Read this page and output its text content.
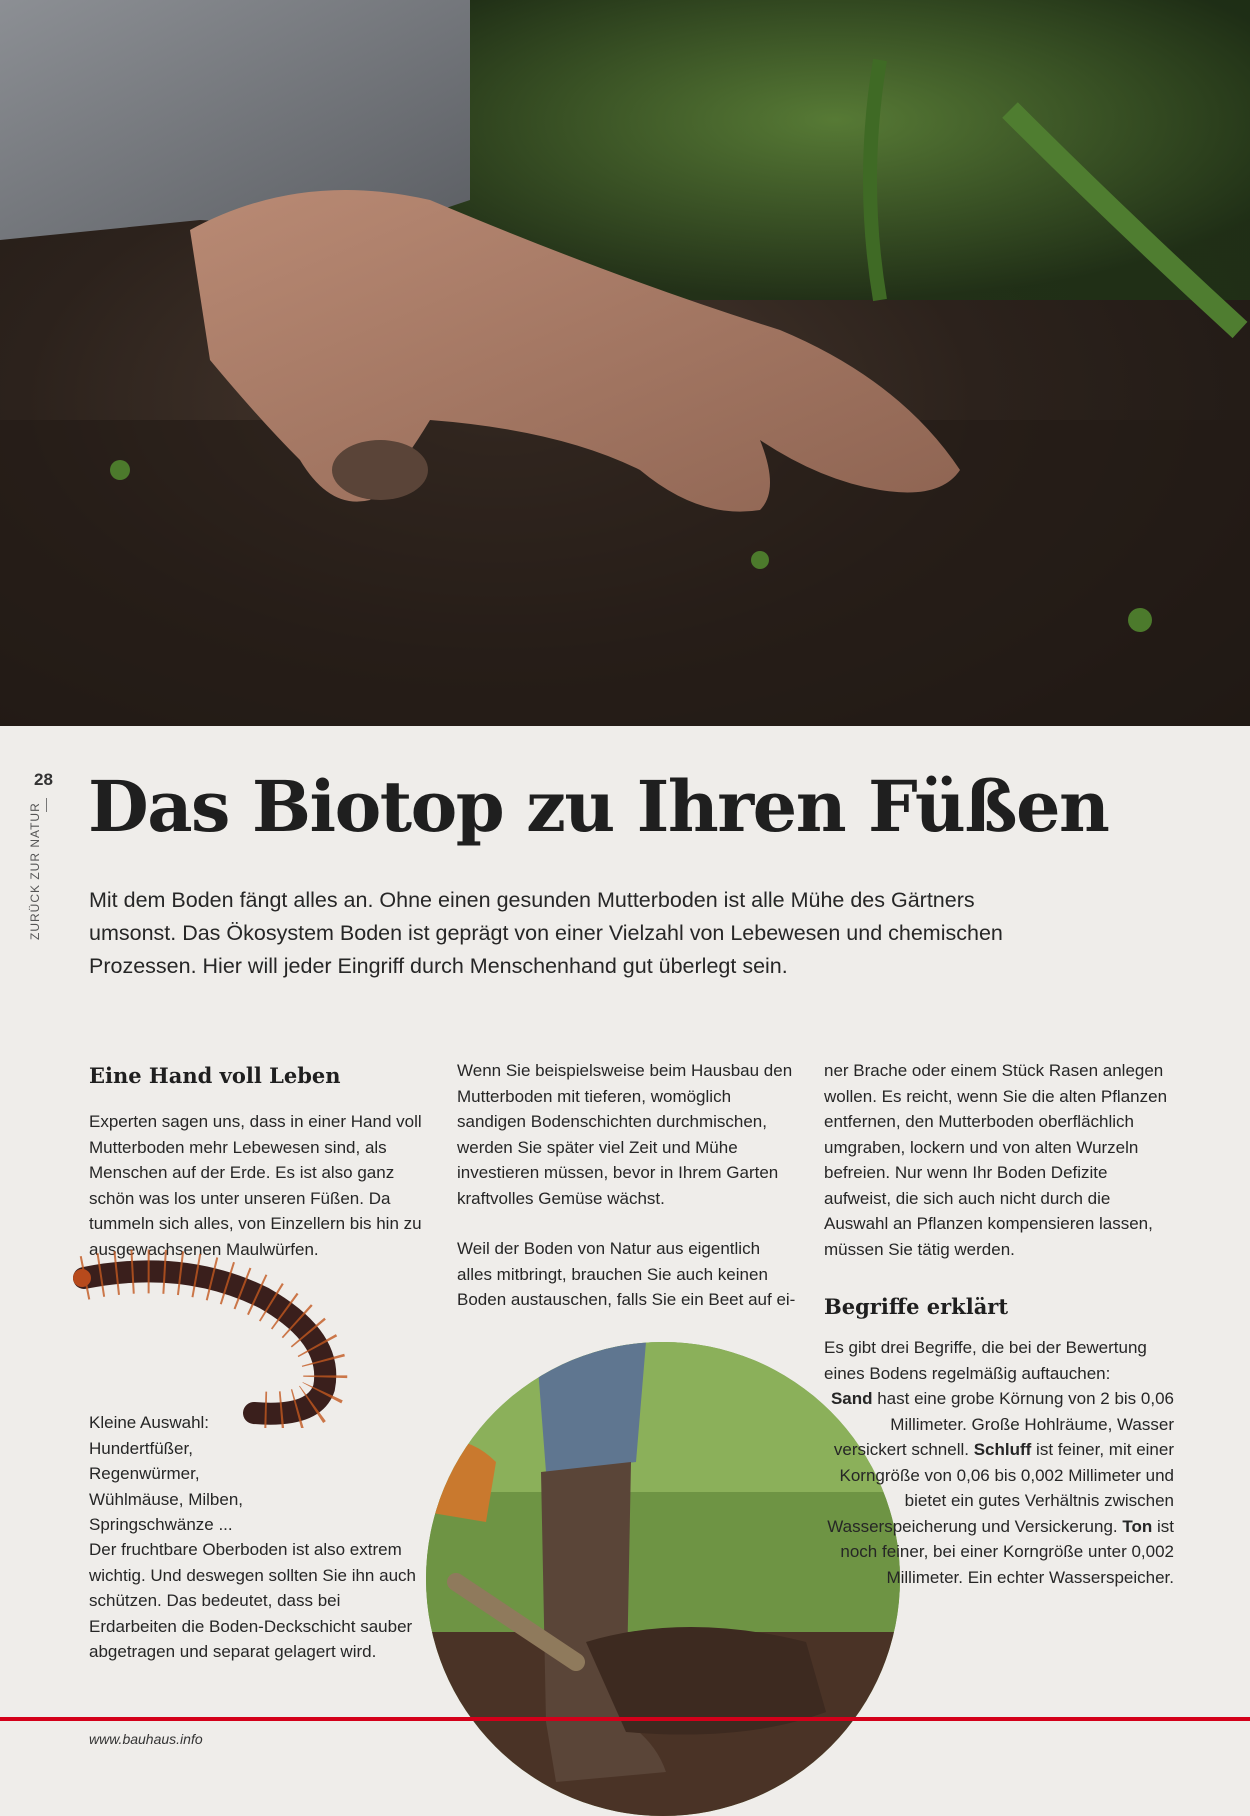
28
ZURÜCK ZUR NATUR Das Biotop zu Ihren Füßen
Mit dem Boden fängt alles an. Ohne einen gesunden Mutterboden ist alle Mühe des Gärtners umsonst. Das Ökosystem Boden ist geprägt von einer Vielzahl von Lebewesen und chemischen Prozessen. Hier will jeder Eingriff durch Menschenhand gut überlegt sein.
Eine Hand voll Leben

Experten sagen uns, dass in einer Hand voll Mutterboden mehr Lebewesen sind, als Menschen auf der Erde. Es ist also ganz schön was los unter unseren Füßen. Da tummeln sich alles, von Einzellern bis hin zu ausgewachsenen Maulwürfen.

Kleine Auswahl: Hundertfüßer, Regenwürmer, Wühlmäuse, Milben, Springschwänze ...

Der fruchtbare Oberboden ist also extrem wichtig. Und deswegen sollten Sie ihn auch schützen. Das bedeutet, dass bei Erdarbeiten die Boden-Deckschicht sauber abgetragen und separat gelagert wird.

Wenn Sie beispielsweise beim Hausbau den Mutterboden mit tieferen, womöglich sandigen Bodenschichten durchmischen, werden Sie später viel Zeit und Mühe investieren müssen, bevor in Ihrem Garten kraftvolles Gemüse wächst.

Weil der Boden von Natur aus eigentlich alles mitbringt, brauchen Sie auch keinen Boden austauschen, falls Sie ein Beet auf ei-

ner Brache oder einem Stück Rasen anlegen wollen. Es reicht, wenn Sie die alten Pflanzen entfernen, den Mutterboden oberflächlich umgraben, lockern und von alten Wurzeln befreien. Nur wenn Ihr Boden Defizite aufweist, die sich auch nicht durch die Auswahl an Pflanzen kompensieren lassen, müssen Sie tätig werden.

Begriffe erklärt

Es gibt drei Begriffe, die bei der Bewertung eines Bodens regelmäßig auftauchen:

Sand hast eine grobe Körnung von 2 bis 0,06 Millimeter. Große Hohlräume, Wasser versickert schnell. Schluff ist feiner, mit einer Korngröße von 0,06 bis 0,002 Millimeter und bietet ein gutes Verhältnis zwischen Wasserspeicherung und Versickerung. Ton ist noch feiner, bei einer Korngröße unter 0,002 Millimeter. Ein echter Wasserspeicher.

www.bauhaus.info
